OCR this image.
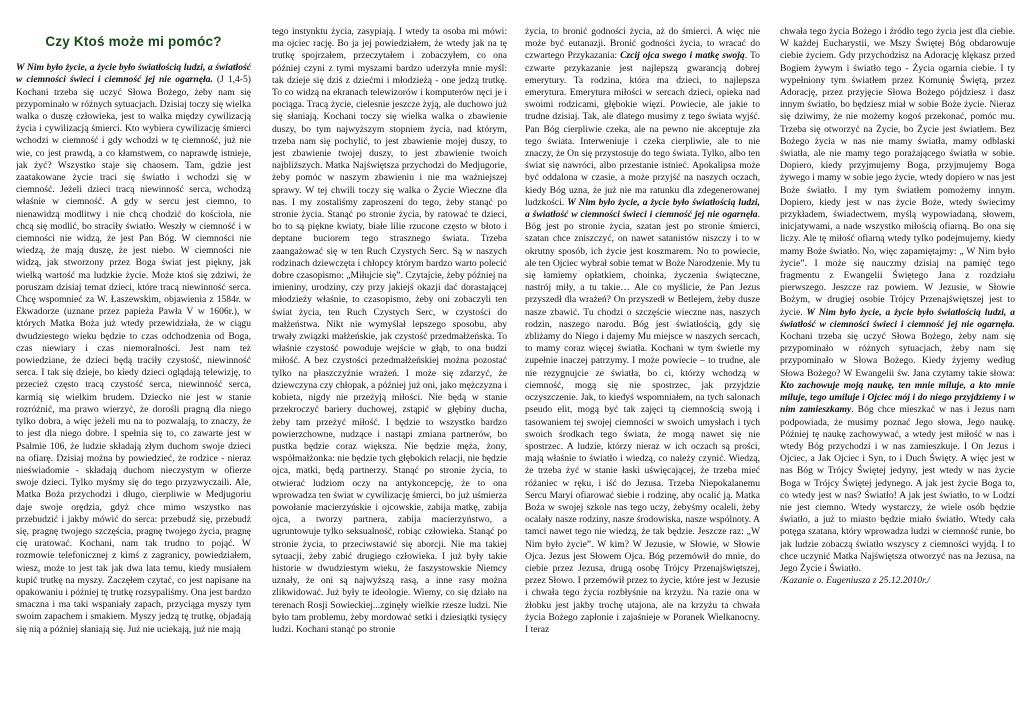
Czy Ktoś może mi pomóc?

W Nim było życie, a życie było światłością ludzi, a światłość w ciemności świeci i ciemność jej nie ogarnęła. (J 1,4-5) Kochani trzeba się uczyć Słowa Bożego, żeby nam się przypominało w różnych sytuacjach. Dzisiaj toczy się wielka walka o duszę człowieka, jest to walka między cywilizacją życia i cywilizacją śmierci. Kto wybiera cywilizację śmierci wchodzi w ciemność i gdy wchodzi w tę ciemność, już nie wie, co jest prawdą, a co kłamstwem, co naprawdę istnieje, jak żyć? Wszystko staje się chaosem. Tam, gdzie jest zaatakowane życie traci się światło i wchodzi się w ciemność. Jeżeli dzieci tracą niewinność serca, wchodzą właśnie w ciemność. A gdy w sercu jest ciemno, to nienawidzą modlitwy i nie chcą chodzić do kościoła, nie chcą się modlić, bo straciły światło. Weszły w ciemność i w ciemności nie widzą, że jest Pan Bóg. W ciemności nie wiedzą, że mają duszę, że jest niebo. W ciemności nie widzą, jak stworzony przez Boga świat jest piękny, jak wielką wartość ma ludzkie życie. Może ktoś się zdziwi, że poruszam dzisiaj temat dzieci, które tracą niewinność serca. Chcę wspomnieć za W. Łaszewskim, objawienia z 1584r. w Ekwadorze (uznane przez papieża Pawła V w 1606r.), w których Matka Boża już wtedy przewidziała, że w ciągu dwudziestego wieku będzie to czas odchodzenia od Boga, czas niewiary i czas niemoralności. Jest nam też powiedziane, że dzieci będą traciły czystość, niewinność serca. I tak się dzieje, bo kiedy dzieci oglądają telewizję, to przecież często tracą czystość serca, niewinność serca, karmią się wielkim brudem. Dziecko nie jest w stanie rozróżnić, ma prawo wierzyć, że dorośli pragną dla niego tylko dobra, a więc jeżeli mu na to pozwalają, to znaczy, że to jest dla niego dobre. I spełnia się to, co zawarte jest w Psalmie 106, że ludzie składają złym duchom swoje dzieci na ofiarę. Dzisiaj można by powiedzieć, że rodzice - nieraz nieświadomie - składają duchom nieczystym w ofierze swoje dzieci. Tylko myśmy się do tego przyzwyczaili. Ale, Matka Boża przychodzi i długo, cierpliwie w Medjugoriu daje swoje orędzia, gdyż chce mimo wszystko nas przebudzić i jakby mówić do serca: przebudź się, przebudź się, pragnę twojego szczęścia, pragnę twojego życia, pragnę cię uratować. Kochani, nam tak trudno to pojąć. W rozmowie telefonicznej z kimś z zagranicy, powiedziałem, wiesz, może to jest tak jak dwa lata temu, kiedy musiałem kupić trutkę na myszy. Zaczęłem czytać, co jest napisane na opakowaniu i później tę trutkę rozsypaliśmy. Ona jest bardzo smaczna i ma taki wspaniały zapach, przyciąga myszy tym swoim zapachem i smakiem. Myszy jedzą tę trutkę, objadają się nią a później słaniają się. Już nie uciekają, już nie mają

tego instynktu życia, zasypiają. I wtedy ta osoba mi mówi: ma ojciec rację. Bo ja jej powiedziałem, że wtedy jak na tę trutkę spojrzałem, przeczytałem i zobaczyłem, co ona później czyni z tymi myszami bardzo uderzyła mnie myśl: tak dzieje się dziś z dziećmi i młodzieżą - one jedzą trutkę. To co widzą na ekranach telewizorów i komputerów nęci je i pociąga. Tracą życie, cielesnie jeszcze żyją, ale duchowo już się słaniają. Kochani toczy się wielka walka o zbawienie duszy, bo tym najwyższym stopniem życia, nad którym, trzeba nam się pochylić, to jest zbawienie mojej duszy, to jest zbawienie twojej duszy, to jest zbawienie twoich najbliższych. Matka Najświętsza przychodzi do Medjugorie, żeby pomóc w naszym zbawieniu i nie ma ważniejszej sprawy. W tej chwili toczy się walka o Życie Wieczne dla nas. I my zostaliśmy zaproszeni do tego, żeby stanąć po stronie życia. Stanąć po stronie życia, by ratować te dzieci, bo to są piękne kwiaty, białe lilie rzucone często w błoto i deptane buciorem tego strasznego świata. Trzeba zaangażować się w ten Ruch Czystych Serc. Są w naszych rodzinach dziewczęta i chłopcy którym bardzo warto polecić dobre czasopismo: „Miłujcie się”. Czytajcie, żeby później na imieniny, urodziny, czy przy jakiejś okazji dać dorastającej młodzieży właśnie, to czasopismo, żeby oni zobaczyli ten świat życia, ten Ruch Czystych Serc, w czystości do małżeństwa. Nikt nie wymyślał lepszego sposobu, aby trwały związki małżeńskie, jak czystość przedmałżeńska. To właśnie czystość powoduje wejście w głąb, to ona budzi miłość. A bez czystości przedmałżeńskiej można pozostać tylko na płaszczyźnie wrażeń. I może się zdarzyć, że dziewczyna czy chłopak, a później już oni, jako mężczyzna i kobieta, nigdy nie przeżyją miłości. Nie będą w stanie przekroczyć bariery duchowej, zstąpić w głębiny ducha, żeby tam przeżyć miłość. I będzie to wszystko bardzo powierzchowne, nudzące i nastąpi zmiana partnerów, bo pustka będzie coraz większa. Nie będzie męża, żony, współmałżonka: nie będzie tych głębokich relacji, nie będzie ojca, matki, będą partnerzy. Stanąć po stronie życia, to otwierać ludziom oczy na antykoncepcję, że to ona wprowadza ten świat w cywilizację śmierci, bo już uśmierza powołanie macierzyńskie i ojcowskie, zabija matkę, zabija ojca, a tworzy partnera, zabija macierzyństwo, a ugruntowuje tylko seksualność, robiąc człowieka. Stanąć po stronie życia, to przeciwstawić się aborcji. Nie ma takiej sytuacji, żeby zabić drugiego człowieka. I już były takie historie w dwudziestym wieku, że faszystowskie Niemcy uznały, że oni są najwyższą rasą, a inne rasy można zlikwidować. Już były te ideologie. Wiemy, co się działo na terenach Rosji Sowieckiej...zginęły wielkie rzesze ludzi. Nie było tam problemu, żeby mordować setki i dziesiątki tysięcy ludzi. Kochani stanąć po stronie

życia, to bronić godności życia, aż do śmierci. A więc nie może być eutanazji. Bronić godności życia, to wracać do czwartego Przykazania: Czcij ojca swego i matkę swoją. To czwarte przykazanie jest najlepszą gwarancją dobrej emerytury. Ta rodzina, która ma dzieci, to najlepsza emerytura. Emerytura miłości w sercach dzieci, opieka nad swoimi rodzicami, głębokie więzi. Powiecie, ale jakie to trudne dzisiaj. Tak, ale dlatego musimy z tego świata wyjść. Pan Bóg cierpliwie czeka, ale na pewno nie akceptuje zła tego świata. Interweniuje i czeka cierpliwie, ale to nie znaczy, że On się przystosuje do tego świata. Tylko, albo ten świat się nawróci, albo przestanie istnieć. Apokalipsa może być oddalona w czasie, a może przyjść na naszych oczach, kiedy Bóg uzna, że już nie ma ratunku dla zdegenerowanej ludzkości. W Nim było życie, a życie było światłością ludzi, a światłość w ciemności świeci i ciemność jej nie ogarnęła. Bóg jest po stronie życia, szatan jest po stronie śmierci, szatan chce zniszczyć, on nawet satanistów niszczy i to w okrutny sposób, ich życie jest koszmarem. No to powiecie, ale ten Ojciec wybrał sobie temat w Boże Narodzenie. My tu się łamiemy opłatkiem, choinka, życzenia świąteczne, nastrój miły, a tu takie… Ale co myślicie, że Pan Jezus przyszedł dla wrażeń? On przyszedł w Betlejem, żeby dusze nasze zbawić. Tu chodzi o szczęście wieczne nas, naszych rodzin, naszego narodu. Bóg jest światłością, gdy się zbliżamy do Niego i dajemy Mu miejsce w naszych sercach, to mamy coraz więcej światła. Kochani w tym świetle my zupełnie inaczej patrzymy. I może powiecie – to trudne, ale nie rezygnujcie ze światła, bo ci, którzy wchodzą w ciemność, mogą się nie spostrzec, jak przyjdzie oczyszczenie. Jak, to kiedyś wspomniałem, na tych salonach pseudo elit, mogą być tak zajęci tą ciemnością swoją i tasowaniem tej swojej ciemności w swoich umysłach i tych swoich środkach tego świata, że mogą nawet się nie spostrzec. A ludzie, którzy nieraz w ich oczach są prości, mają właśnie to światło i wiedzą, co należy czynić. Wiedzą, że trzeba żyć w stanie łaski uświęcającej, że trzeba mieć różaniec w ręku, i iść do Jezusa. Trzeba Niepokalanemu Sercu Maryi ofiarować siebie i rodzinę, aby ocalić ją. Matka Boża w swojej szkole nas tego uczy, żebyśmy ocaleli, żeby ocalały nasze rodziny, nasze środowiska, nasze wspólnoty. A tamci nawet tego nie wiedzą, że tak będzie. Jeszcze raz: „W Nim było życie”. W kim? W Jezusie, w Słowie, w Słowie Ojca. Jezus jest Słowem Ojca. Bóg przemówił do mnie, do ciebie przez Jezusa, drugą osobę Trójcy Przenajświętszej, przez Słowo. I przemówił przez to życie, które jest w Jezusie i chwała tego życia rozbłyśnie na krzyżu. Na razie ona w żłobku jest jakby trochę utajona, ale na krzyżu ta chwała życia Bożego zapłonie i zajaśnieje w Poranek Wielkanocny. I teraz

chwała tego życia Bożego i źródło tego życia jest dla ciebie. W każdej Eucharystii, we Mszy Świętej Bóg obdarowuje ciebie życiem. Gdy przychodzisz na Adorację klękasz przed Bogiem żywym i światło tego - Życia ogarnia ciebie. I ty wypełniony tym światłem przez Komunię Świętą, przez Adorację, przez przyjęcie Słowa Bożego pójdziesz i dasz innym światło, bo będziesz miał w sobie Boże życie. Nieraz się dziwimy, że nie możemy kogoś przekonać, pomóc mu. Trzeba się otworzyć na Życie, bo Życie jest światłem. Bez Bożego życia w nas nie mamy światła, mamy odblaski światła, ale nie mamy tego porażającego światła w sobie. Dopiero, kiedy przyjmujemy Boga, przyjmujemy Boga żywego i mamy w sobie jego życie, wtedy dopiero w nas jest Boże światło. I my tym światłem pomożemy innym. Dopiero, kiedy jest w nas życie Boże, wtedy świecimy przykładem, świadectwem, myślą wypowiadaną, słowem, inicjatywami, a nade wszystko miłością ofiarną. Bo ona się liczy. Ale tę miłość ofiarną wtedy tylko podejmujemy, kiedy mamy Boże światło. No, więc zapamiętajmy: „ W Nim było życie”. I może się nauczmy dzisiaj na pamięć tego fragmentu z Ewangelii Świętego Jana z rozdziału pierwszego. Jeszcze raz powiem. W Jezusie, w Słowie Bożym, w drugiej osobie Trójcy Przenajświętszej jest to życie. W Nim było życie, a życie było światłością ludzi, a światłość w ciemności świeci i ciemność jej nie ogarnęła. Kochani trzeba się uczyć Słowa Bożego, żeby nam się przypominało w różnych sytuacjach, żeby nam się przypominało w Słowa Bożego. Kiedy żyjemy według Słowa Bożego? W Ewangelii św. Jana czytamy takie słowa: Kto zachowuje moją naukę, ten mnie miluje, a kto mnie miluje, tego umiluje i Ojciec mój i do niego przyjdziemy i w nim zamieszkamy. Bóg chce mieszkać w nas i Jezus nam podpowiada, że musimy poznać Jego słowa, Jego naukę. Później tę naukę zachowywać, a wtedy jest miłość w nas i wtedy Bóg przychodzi i w nas zamieszkuje. I On Jezus i Ojciec, a Jak Ojciec i Syn, to i Duch Święty. A więc jest w nas Bóg w Trójcy Świętej jedyny, jest wtedy w nas życie Boga w Trójcy Świętej jedynego. A jak jest życie Boga to, co wtedy jest w nas? Światło! A jak jest światło, to w Lodzi nie jest ciemno. Wtedy wystarczy, że wiele osób będzie światło, a już to miasto będzie miało światło. Wtedy cała potęga szatana, który wprowadza ludzi w ciemność runie, bo jak ludzie zobaczą światło wszyscy z ciemności wyjdą. I to chce uczynić Matka Najświętsza otworzyć nas na Jezusa, na Jego Życie i Światło.

/Kazanie o. Eugeniusza z 25.12.2010r./
